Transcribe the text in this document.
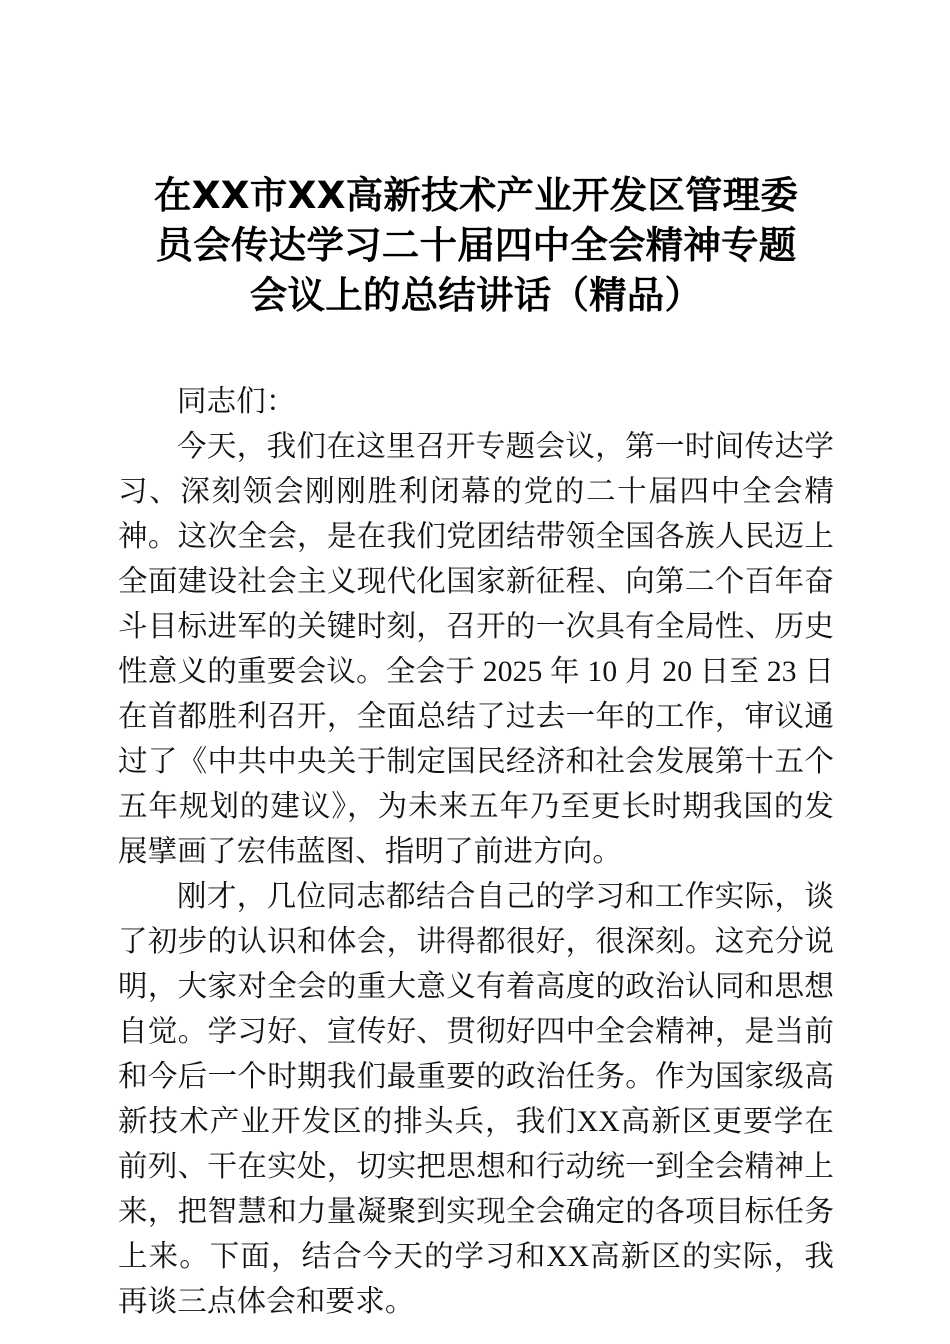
在XX市XX高新技术产业开发区管理委
员会传达学习二十届四中全会精神专题
会议上的总结讲话（精品）

同志们：

今天，我们在这里召开专题会议，第一时间传达学习、深刻领会刚刚胜利闭幕的党的二十届四中全会精神。这次全会，是在我们党团结带领全国各族人民迈上全面建设社会主义现代化国家新征程、向第二个百年奋斗目标进军的关键时刻，召开的一次具有全局性、历史性意义的重要会议。全会于 2025 年 10 月 20 日至 23 日在首都胜利召开，全面总结了过去一年的工作，审议通过了《中共中央关于制定国民经济和社会发展第十五个五年规划的建议》，为未来五年乃至更长时期我国的发展擘画了宏伟蓝图、指明了前进方向。

刚才，几位同志都结合自己的学习和工作实际，谈了初步的认识和体会，讲得都很好，很深刻。这充分说明，大家对全会的重大意义有着高度的政治认同和思想自觉。学习好、宣传好、贯彻好四中全会精神，是当前和今后一个时期我们最重要的政治任务。作为国家级高新技术产业开发区的排头兵，我们XX高新区更要学在前列、干在实处，切实把思想和行动统一到全会精神上来，把智慧和力量凝聚到实现全会确定的各项目标任务上来。下面，结合今天的学习和XX高新区的实际，我再谈三点体会和要求。
